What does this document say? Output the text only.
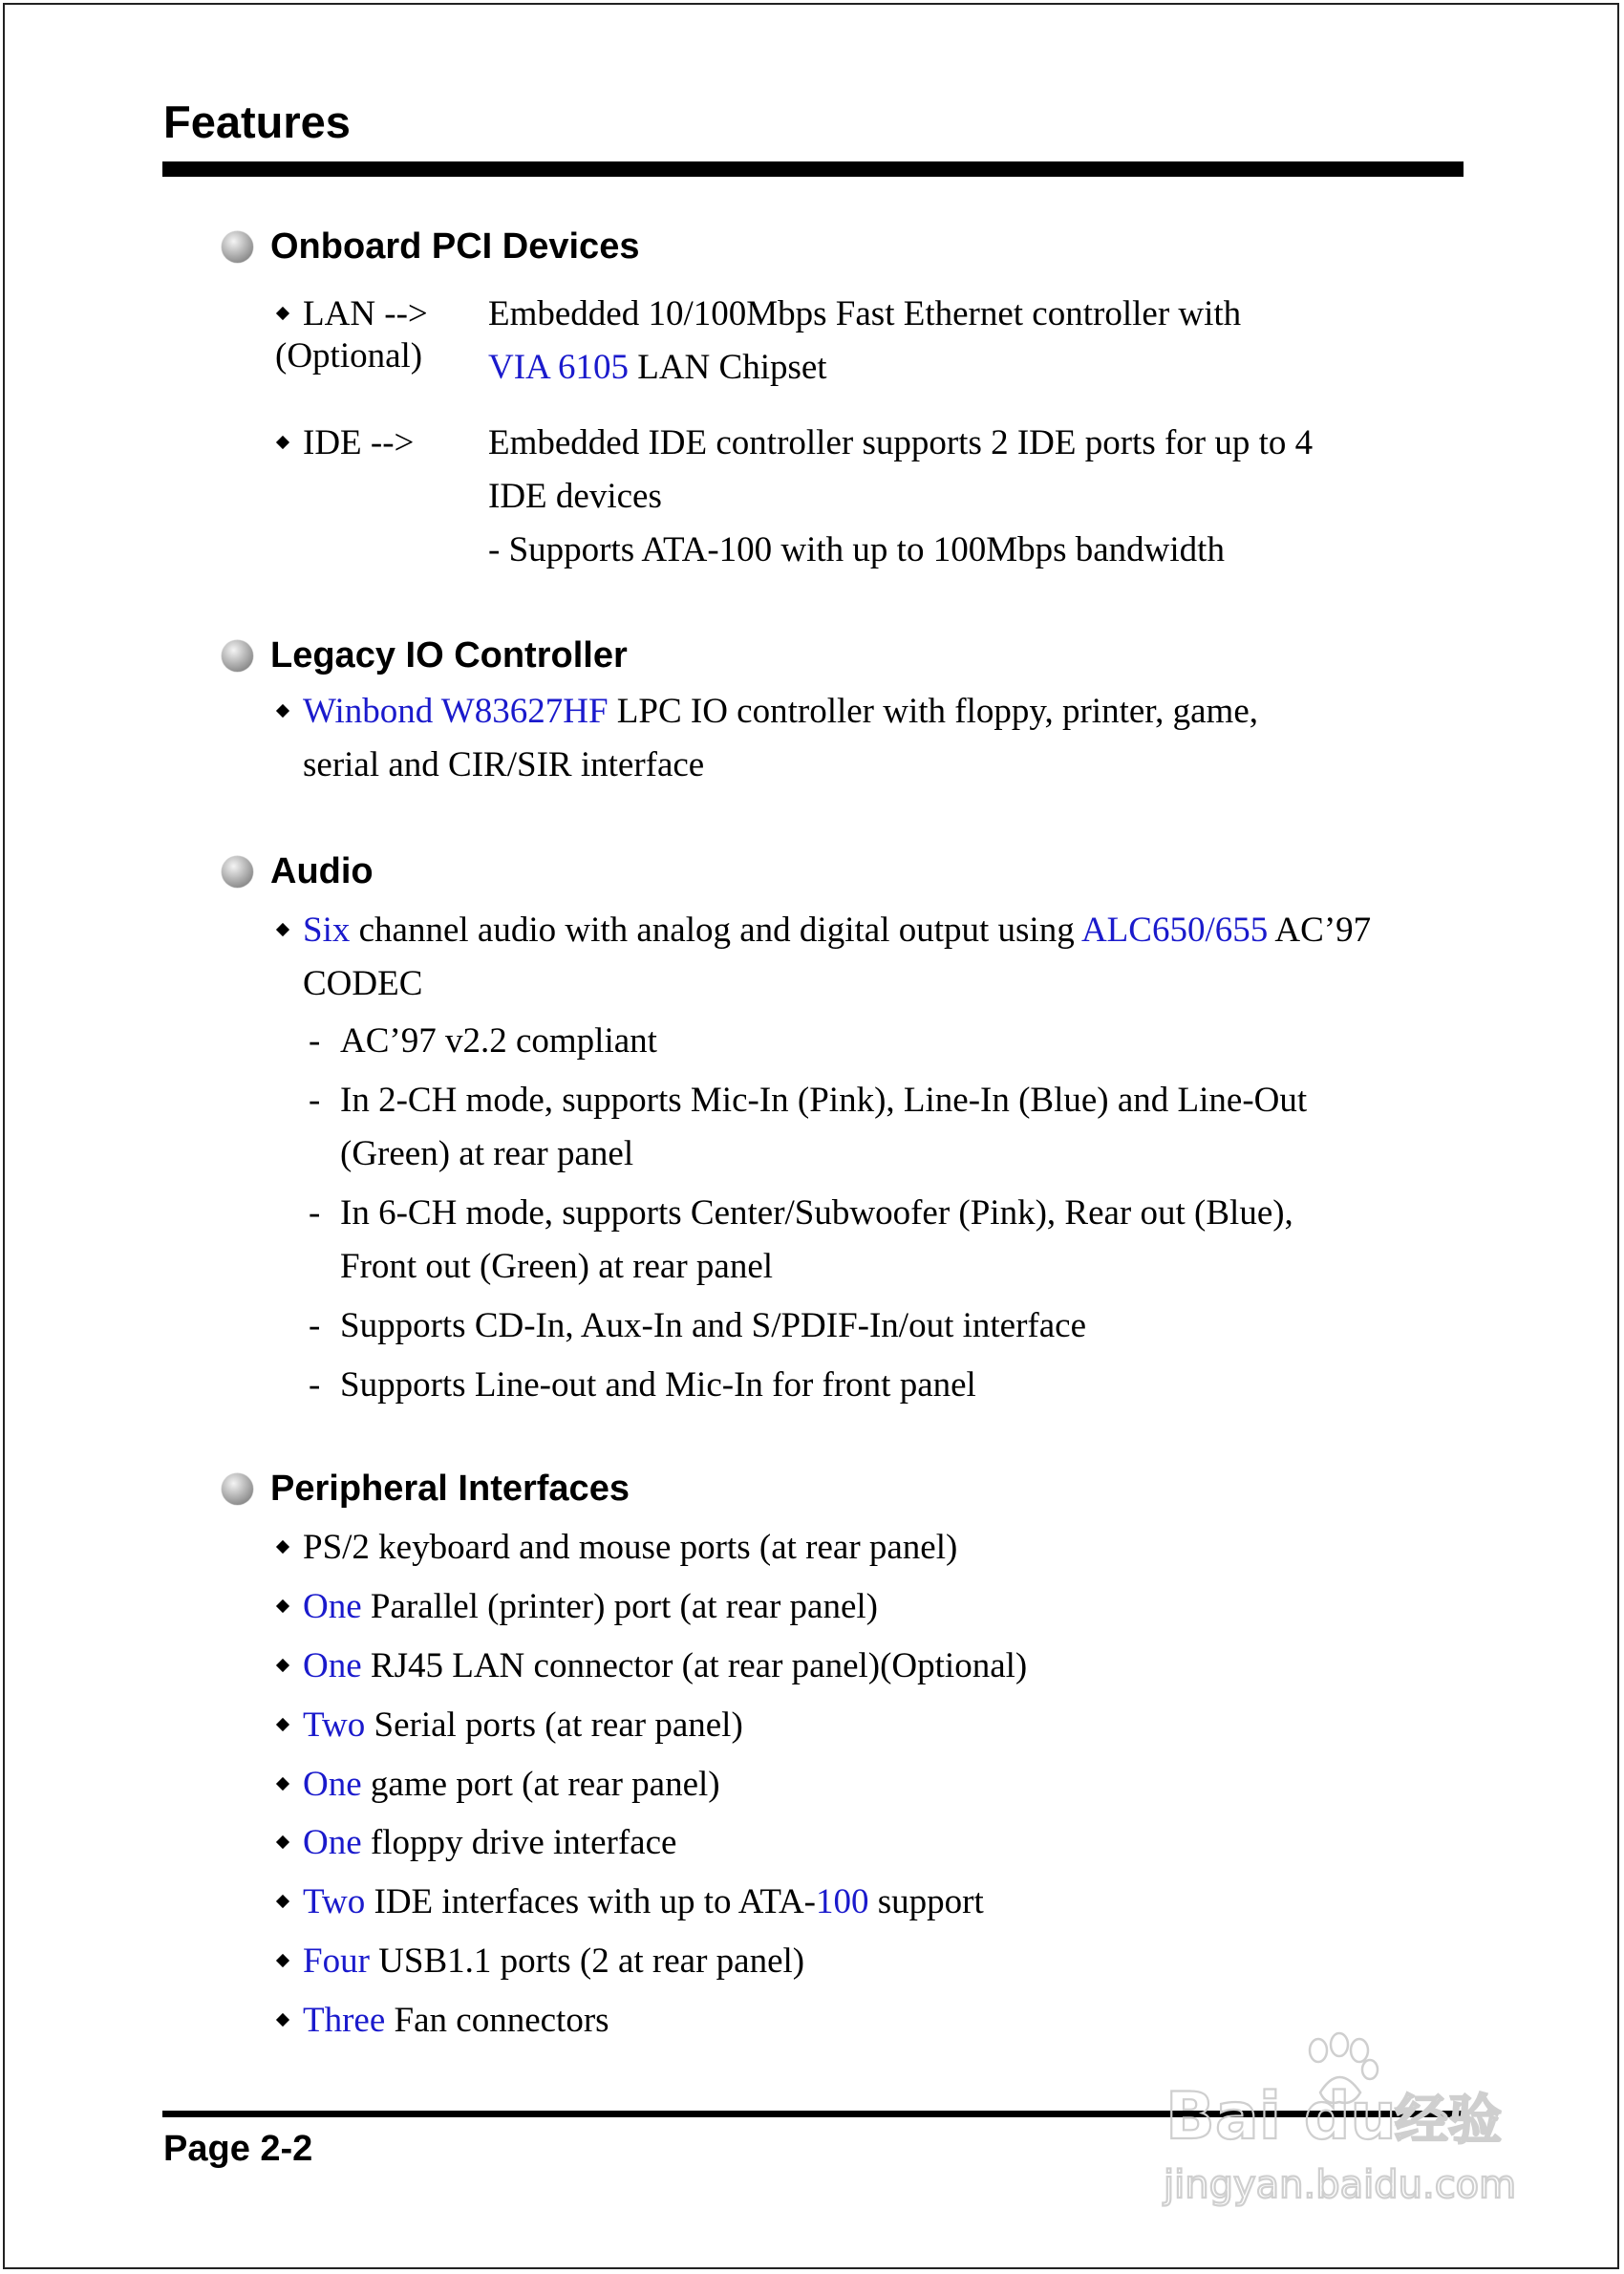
Features
Onboard PCI Devices
LAN -->
(Optional)
Embedded 10/100Mbps Fast Ethernet controller with
VIA 6105 LAN Chipset
IDE --> Embedded IDE controller supports 2 IDE ports for up to 4
IDE devices
- Supports ATA-100 with up to 100Mbps bandwidth
Legacy IO Controller
Winbond W83627HF LPC IO controller with floppy, printer, game,
serial and CIR/SIR interface
Audio
Six channel audio with analog and digital output using ALC650/655 AC’97
CODEC
- AC’97 v2.2 compliant
- In 2-CH mode, supports Mic-In (Pink), Line-In (Blue) and Line-Out
(Green) at rear panel
- In 6-CH mode, supports Center/Subwoofer (Pink), Rear out (Blue),
Front out (Green) at rear panel
- Supports CD-In, Aux-In and S/PDIF-In/out interface
- Supports Line-out and Mic-In for front panel
Peripheral Interfaces
PS/2 keyboard and mouse ports (at rear panel)
One Parallel (printer) port (at rear panel)
One RJ45 LAN connector (at rear panel)(Optional)
Two Serial ports (at rear panel)
One game port (at rear panel)
One floppy drive interface
Two IDE interfaces with up to ATA-100 support
Four USB1.1 ports (2 at rear panel)
Three Fan connectors
Page 2-2	Bai du
经验
jingyan.baidu.com
